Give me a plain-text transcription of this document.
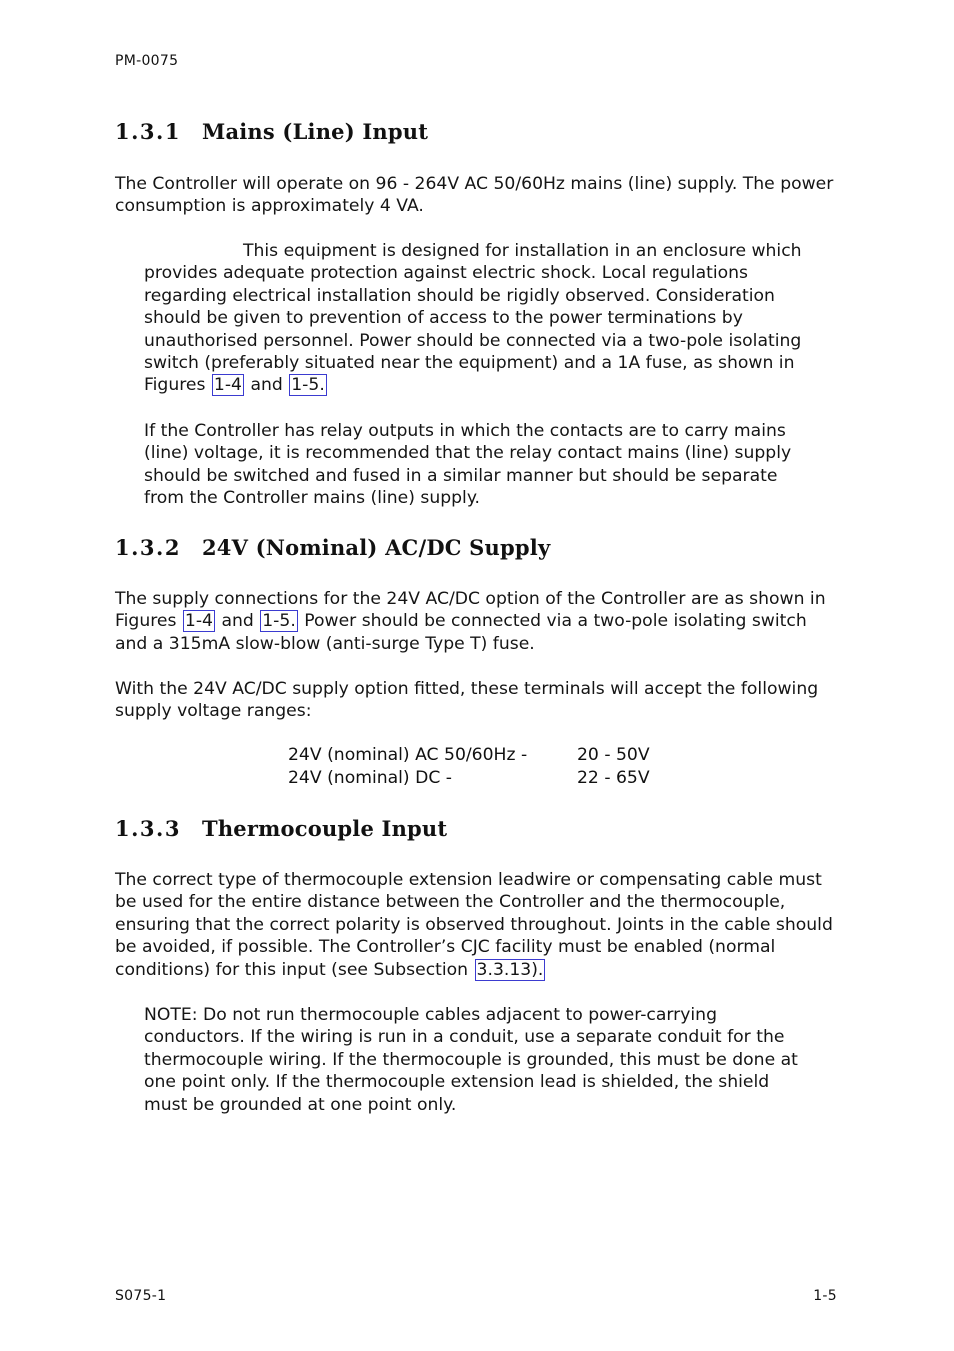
PM-0075
1.3.1 Mains (Line) Input

The Controller will operate on 96 - 264V AC 50/60Hz mains (line) supply. The power consumption is approximately 4 VA.

This equipment is designed for installation in an enclosure which provides adequate protection against electric shock. Local regulations regarding electrical installation should be rigidly observed. Consideration should be given to prevention of access to the power terminations by unauthorised personnel. Power should be connected via a two-pole isolating switch (preferably situated near the equipment) and a 1A fuse, as shown in Figures 1-4 and 1-5.

If the Controller has relay outputs in which the contacts are to carry mains (line) voltage, it is recommended that the relay contact mains (line) supply should be switched and fused in a similar manner but should be separate from the Controller mains (line) supply.

1.3.2 24V (Nominal) AC/DC Supply

The supply connections for the 24V AC/DC option of the Controller are as shown in Figures 1-4 and 1-5. Power should be connected via a two-pole isolating switch and a 315mA slow-blow (anti-surge Type T) fuse.

With the 24V AC/DC supply option fitted, these terminals will accept the following supply voltage ranges:

24V (nominal) AC 50/60Hz -	20 - 50V
24V (nominal) DC -	22 - 65V
1.3.3 Thermocouple Input

The correct type of thermocouple extension leadwire or compensating cable must be used for the entire distance between the Controller and the thermocouple, ensuring that the correct polarity is observed throughout. Joints in the cable should be avoided, if possible. The Controller’s CJC facility must be enabled (normal conditions) for this input (see Subsection 3.3.13).

NOTE: Do not run thermocouple cables adjacent to power-carrying conductors. If the wiring is run in a conduit, use a separate conduit for the thermocouple wiring. If the thermocouple is grounded, this must be done at one point only. If the thermocouple extension lead is shielded, the shield must be grounded at one point only.

S075-1	1-5
